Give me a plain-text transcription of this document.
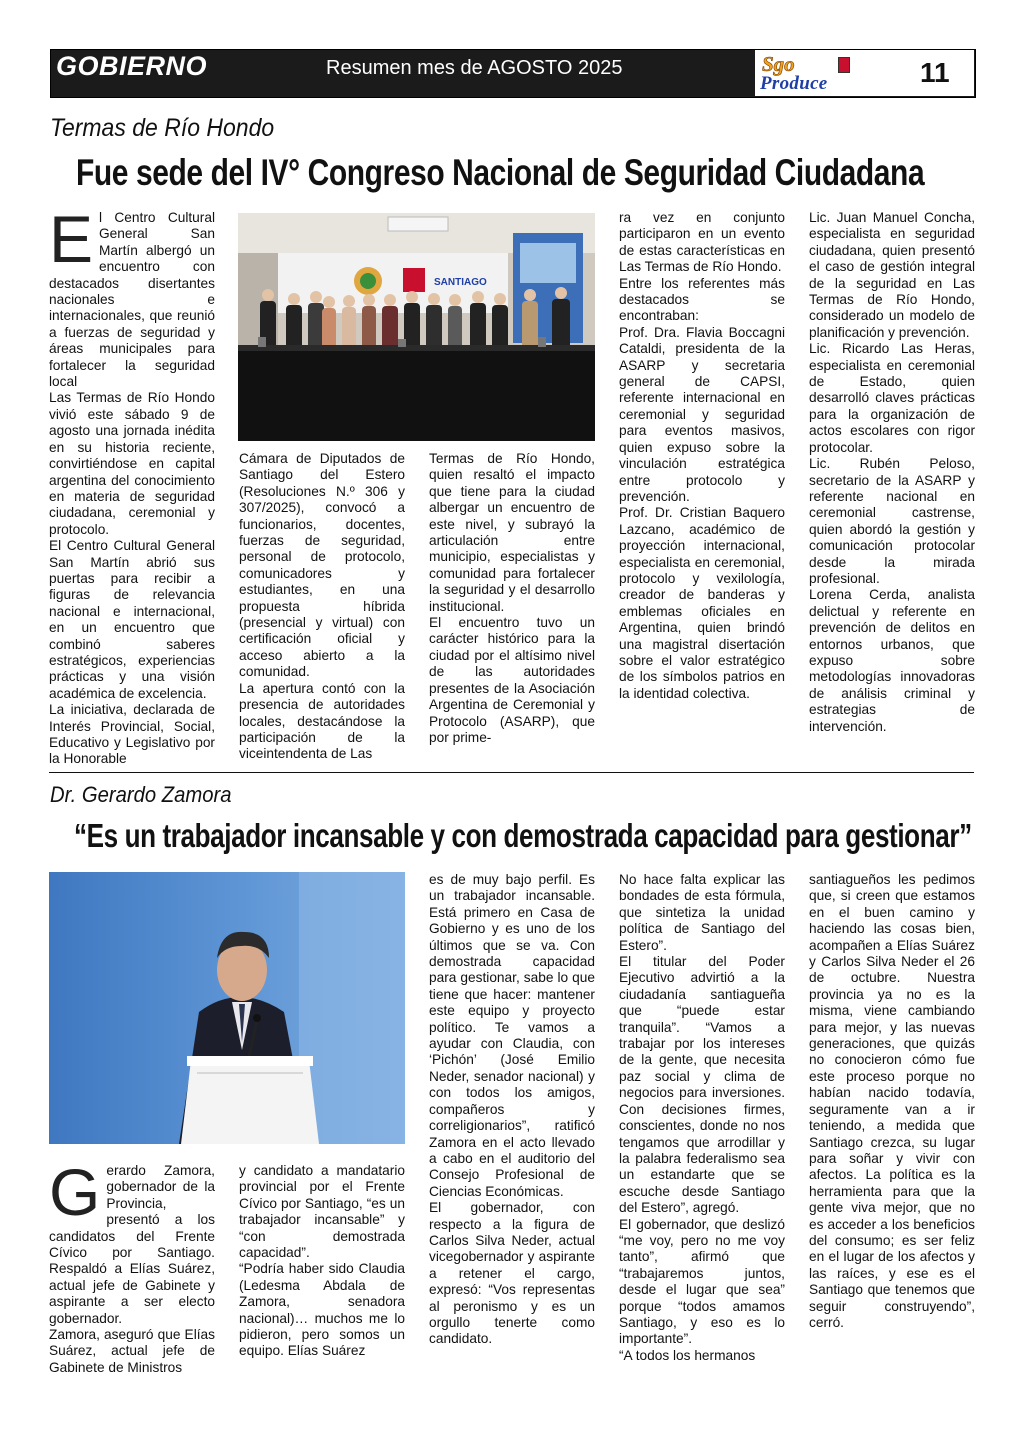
GOBIERNO	Resumen mes de AGOSTO 2025	Sgo
Produce	11
Termas de Río Hondo
Fue sede del IV° Congreso Nacional de Seguridad Ciudadana

El Centro Cultural General San Martín albergó un encuentro con destacados disertantes nacionales e internacionales, que reunió a fuerzas de seguridad y áreas municipales para fortalecer la seguridad local

Las Termas de Río Hondo vivió este sábado 9 de agosto una jornada inédita en su historia reciente, convirtiéndose en capital argentina del conocimiento en materia de seguridad ciudadana, ceremonial y protocolo.

El Centro Cultural General San Martín abrió sus puertas para recibir a figuras de relevancia nacional e internacional, en un encuentro que combinó saberes estratégicos, experiencias prácticas y una visión académica de excelencia.

La iniciativa, declarada de Interés Provincial, Social, Educativo y Legislativo por la Honorable

SANTIAGO

Cámara de Diputados de Santiago del Estero (Resoluciones N.º 306 y 307/2025), convocó a funcionarios, docentes, fuerzas de seguridad, personal de protocolo, comunicadores y estudiantes, en una propuesta híbrida (presencial y virtual) con certificación oficial y acceso abierto a la comunidad.

La apertura contó con la presencia de autoridades locales, destacándose la participación de la viceintendenta de Las

Termas de Río Hondo, quien resaltó el impacto que tiene para la ciudad albergar un encuentro de este nivel, y subrayó la articulación entre municipio, especialistas y comunidad para fortalecer la seguridad y el desarrollo institucional.

El encuentro tuvo un carácter histórico para la ciudad por el altísimo nivel de las autoridades presentes de la Asociación Argentina de Ceremonial y Protocolo (ASARP), que por prime-

ra vez en conjunto participaron en un evento de estas características en Las Termas de Río Hondo.

Entre los referentes más destacados se encontraban:

Prof. Dra. Flavia Boccagni Cataldi, presidenta de la ASARP y secretaria general de CAPSI, referente internacional en ceremonial y seguridad para eventos masivos, quien expuso sobre la vinculación estratégica entre protocolo y prevención.

Prof. Dr. Cristian Baquero Lazcano, académico de proyección internacional, especialista en ceremonial, protocolo y vexilología, creador de banderas y emblemas oficiales en Argentina, quien brindó una magistral disertación sobre el valor estratégico de los símbolos patrios en la identidad colectiva.

Lic. Juan Manuel Concha, especialista en seguridad ciudadana, quien presentó el caso de gestión integral de la seguridad en Las Termas de Río Hondo, considerado un modelo de planificación y prevención.

Lic. Ricardo Las Heras, especialista en ceremonial de Estado, quien desarrolló claves prácticas para la organización de actos escolares con rigor protocolar.

Lic. Rubén Peloso, secretario de la ASARP y referente nacional en ceremonial castrense, quien abordó la gestión y comunicación protocolar desde la mirada profesional.

Lorena Cerda, analista delictual y referente en prevención de delitos en entornos urbanos, que expuso sobre metodologías innovadoras de análisis criminal y estrategias de intervención.

Dr. Gerardo Zamora
“Es un trabajador incansable y con demostrada capacidad para gestionar”

Gerardo Zamora, gobernador de la Provincia, presentó a los candidatos del Frente Cívico por Santiago. Respaldó a Elías Suárez, actual jefe de Gabinete y aspirante a ser electo gobernador.

Zamora, aseguró que Elías Suárez, actual jefe de Gabinete de Ministros

y candidato a mandatario provincial por el Frente Cívico por Santiago, “es un trabajador incansable” y “con demostrada capacidad”.

“Podría haber sido Claudia (Ledesma Abdala de Zamora, senadora nacional)… muchos me lo pidieron, pero somos un equipo. Elías Suárez

es de muy bajo perfil. Es un trabajador incansable. Está primero en Casa de Gobierno y es uno de los últimos que se va. Con demostrada capacidad para gestionar, sabe lo que tiene que hacer: mantener este equipo y proyecto político. Te vamos a ayudar con Claudia, con ‘Pichón’ (José Emilio Neder, senador nacional) y con todos los amigos, compañeros y correligionarios”, ratificó Zamora en el acto llevado a cabo en el auditorio del Consejo Profesional de Ciencias Económicas.

El gobernador, con respecto a la figura de Carlos Silva Neder, actual vicegobernador y aspirante a retener el cargo, expresó: “Vos representas al peronismo y es un orgullo tenerte como candidato.

No hace falta explicar las bondades de esta fórmula, que sintetiza la unidad política de Santiago del Estero”.

El titular del Poder Ejecutivo advirtió a la ciudadanía santiagueña que “puede estar tranquila”. “Vamos a trabajar por los intereses de la gente, que necesita paz social y clima de negocios para inversiones. Con decisiones firmes, conscientes, donde no nos tengamos que arrodillar y la palabra federalismo sea un estandarte que se escuche desde Santiago del Estero”, agregó.

El gobernador, que deslizó “me voy, pero no me voy tanto”, afirmó que “trabajaremos juntos, desde el lugar que sea” porque “todos amamos Santiago, y eso es lo importante”.

“A todos los hermanos

santiagueños les pedimos que, si creen que estamos en el buen camino y haciendo las cosas bien, acompañen a Elías Suárez y Carlos Silva Neder el 26 de octubre. Nuestra provincia ya no es la misma, viene cambiando para mejor, y las nuevas generaciones, que quizás no conocieron cómo fue este proceso porque no habían nacido todavía, seguramente van a ir teniendo, a medida que Santiago crezca, su lugar para soñar y vivir con afectos. La política es la herramienta para que la gente viva mejor, que no es acceder a los beneficios del consumo; es ser feliz en el lugar de los afectos y las raíces, y ese es el Santiago que tenemos que seguir construyendo”, cerró.
